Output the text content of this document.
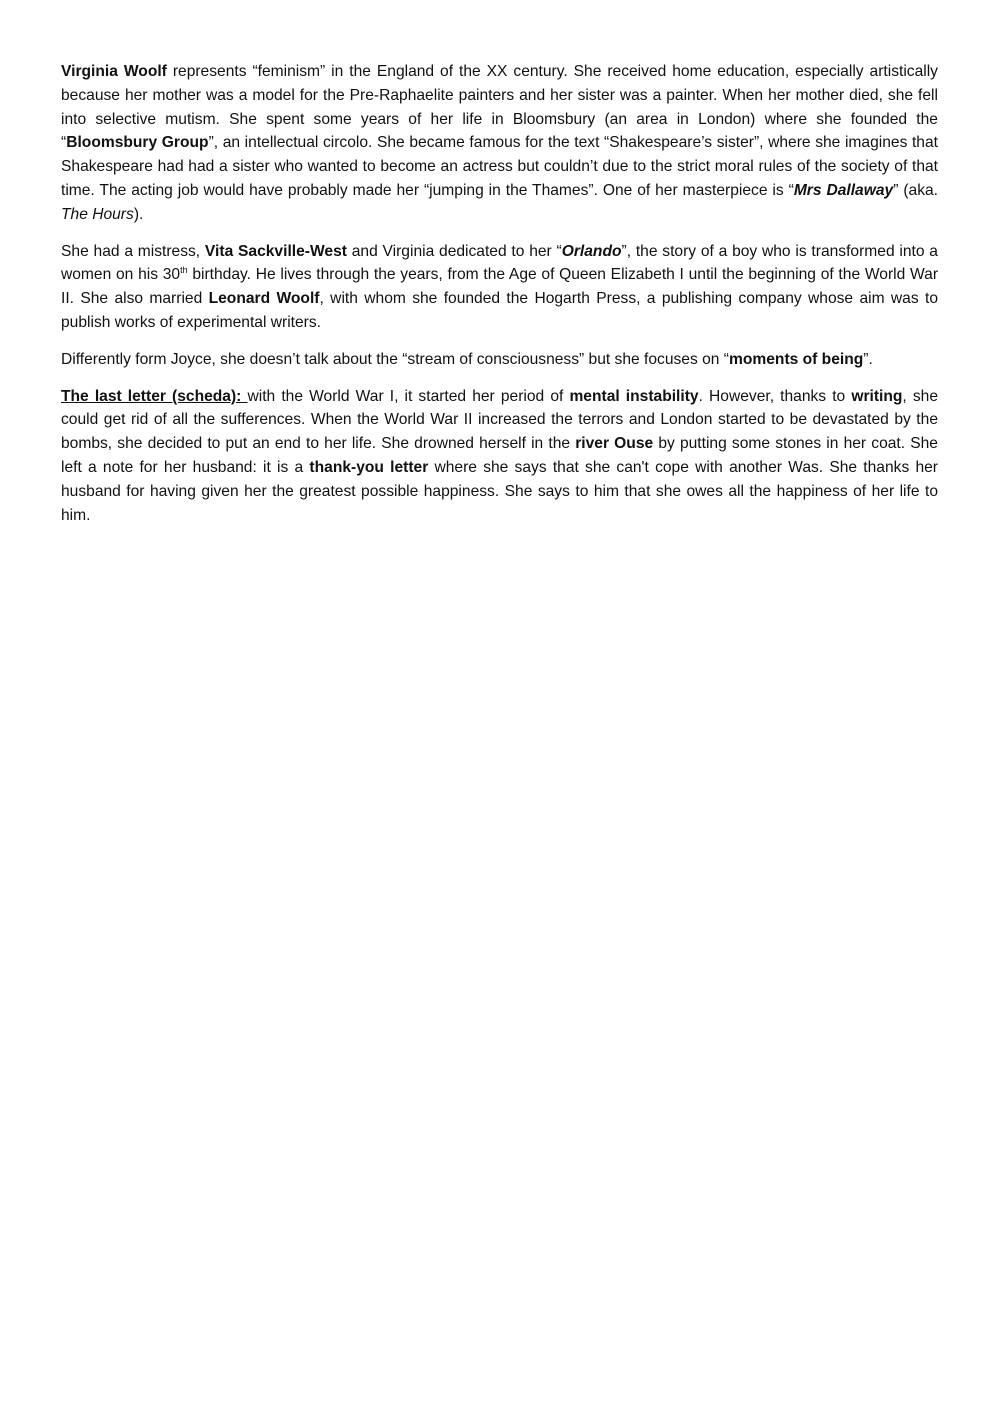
Virginia Woolf represents “feminism” in the England of the XX century. She received home education, especially artistically because her mother was a model for the Pre-Raphaelite painters and her sister was a painter. When her mother died, she fell into selective mutism. She spent some years of her life in Bloomsbury (an area in London) where she founded the “Bloomsbury Group”, an intellectual circolo. She became famous for the text “Shakespeare’s sister”, where she imagines that Shakespeare had had a sister who wanted to become an actress but couldn’t due to the strict moral rules of the society of that time. The acting job would have probably made her “jumping in the Thames”. One of her masterpiece is “Mrs Dallaway” (aka. The Hours).

She had a mistress, Vita Sackville-West and Virginia dedicated to her “Orlando”, the story of a boy who is transformed into a women on his 30th birthday. He lives through the years, from the Age of Queen Elizabeth I until the beginning of the World War II. She also married Leonard Woolf, with whom she founded the Hogarth Press, a publishing company whose aim was to publish works of experimental writers.

Differently form Joyce, she doesn’t talk about the “stream of consciousness” but she focuses on “moments of being”.

The last letter (scheda): with the World War I, it started her period of mental instability. However, thanks to writing, she could get rid of all the sufferences. When the World War II increased the terrors and London started to be devastated by the bombs, she decided to put an end to her life. She drowned herself in the river Ouse by putting some stones in her coat. She left a note for her husband: it is a thank-you letter where she says that she can't cope with another Was. She thanks her husband for having given her the greatest possible happiness. She says to him that she owes all the happiness of her life to him.
